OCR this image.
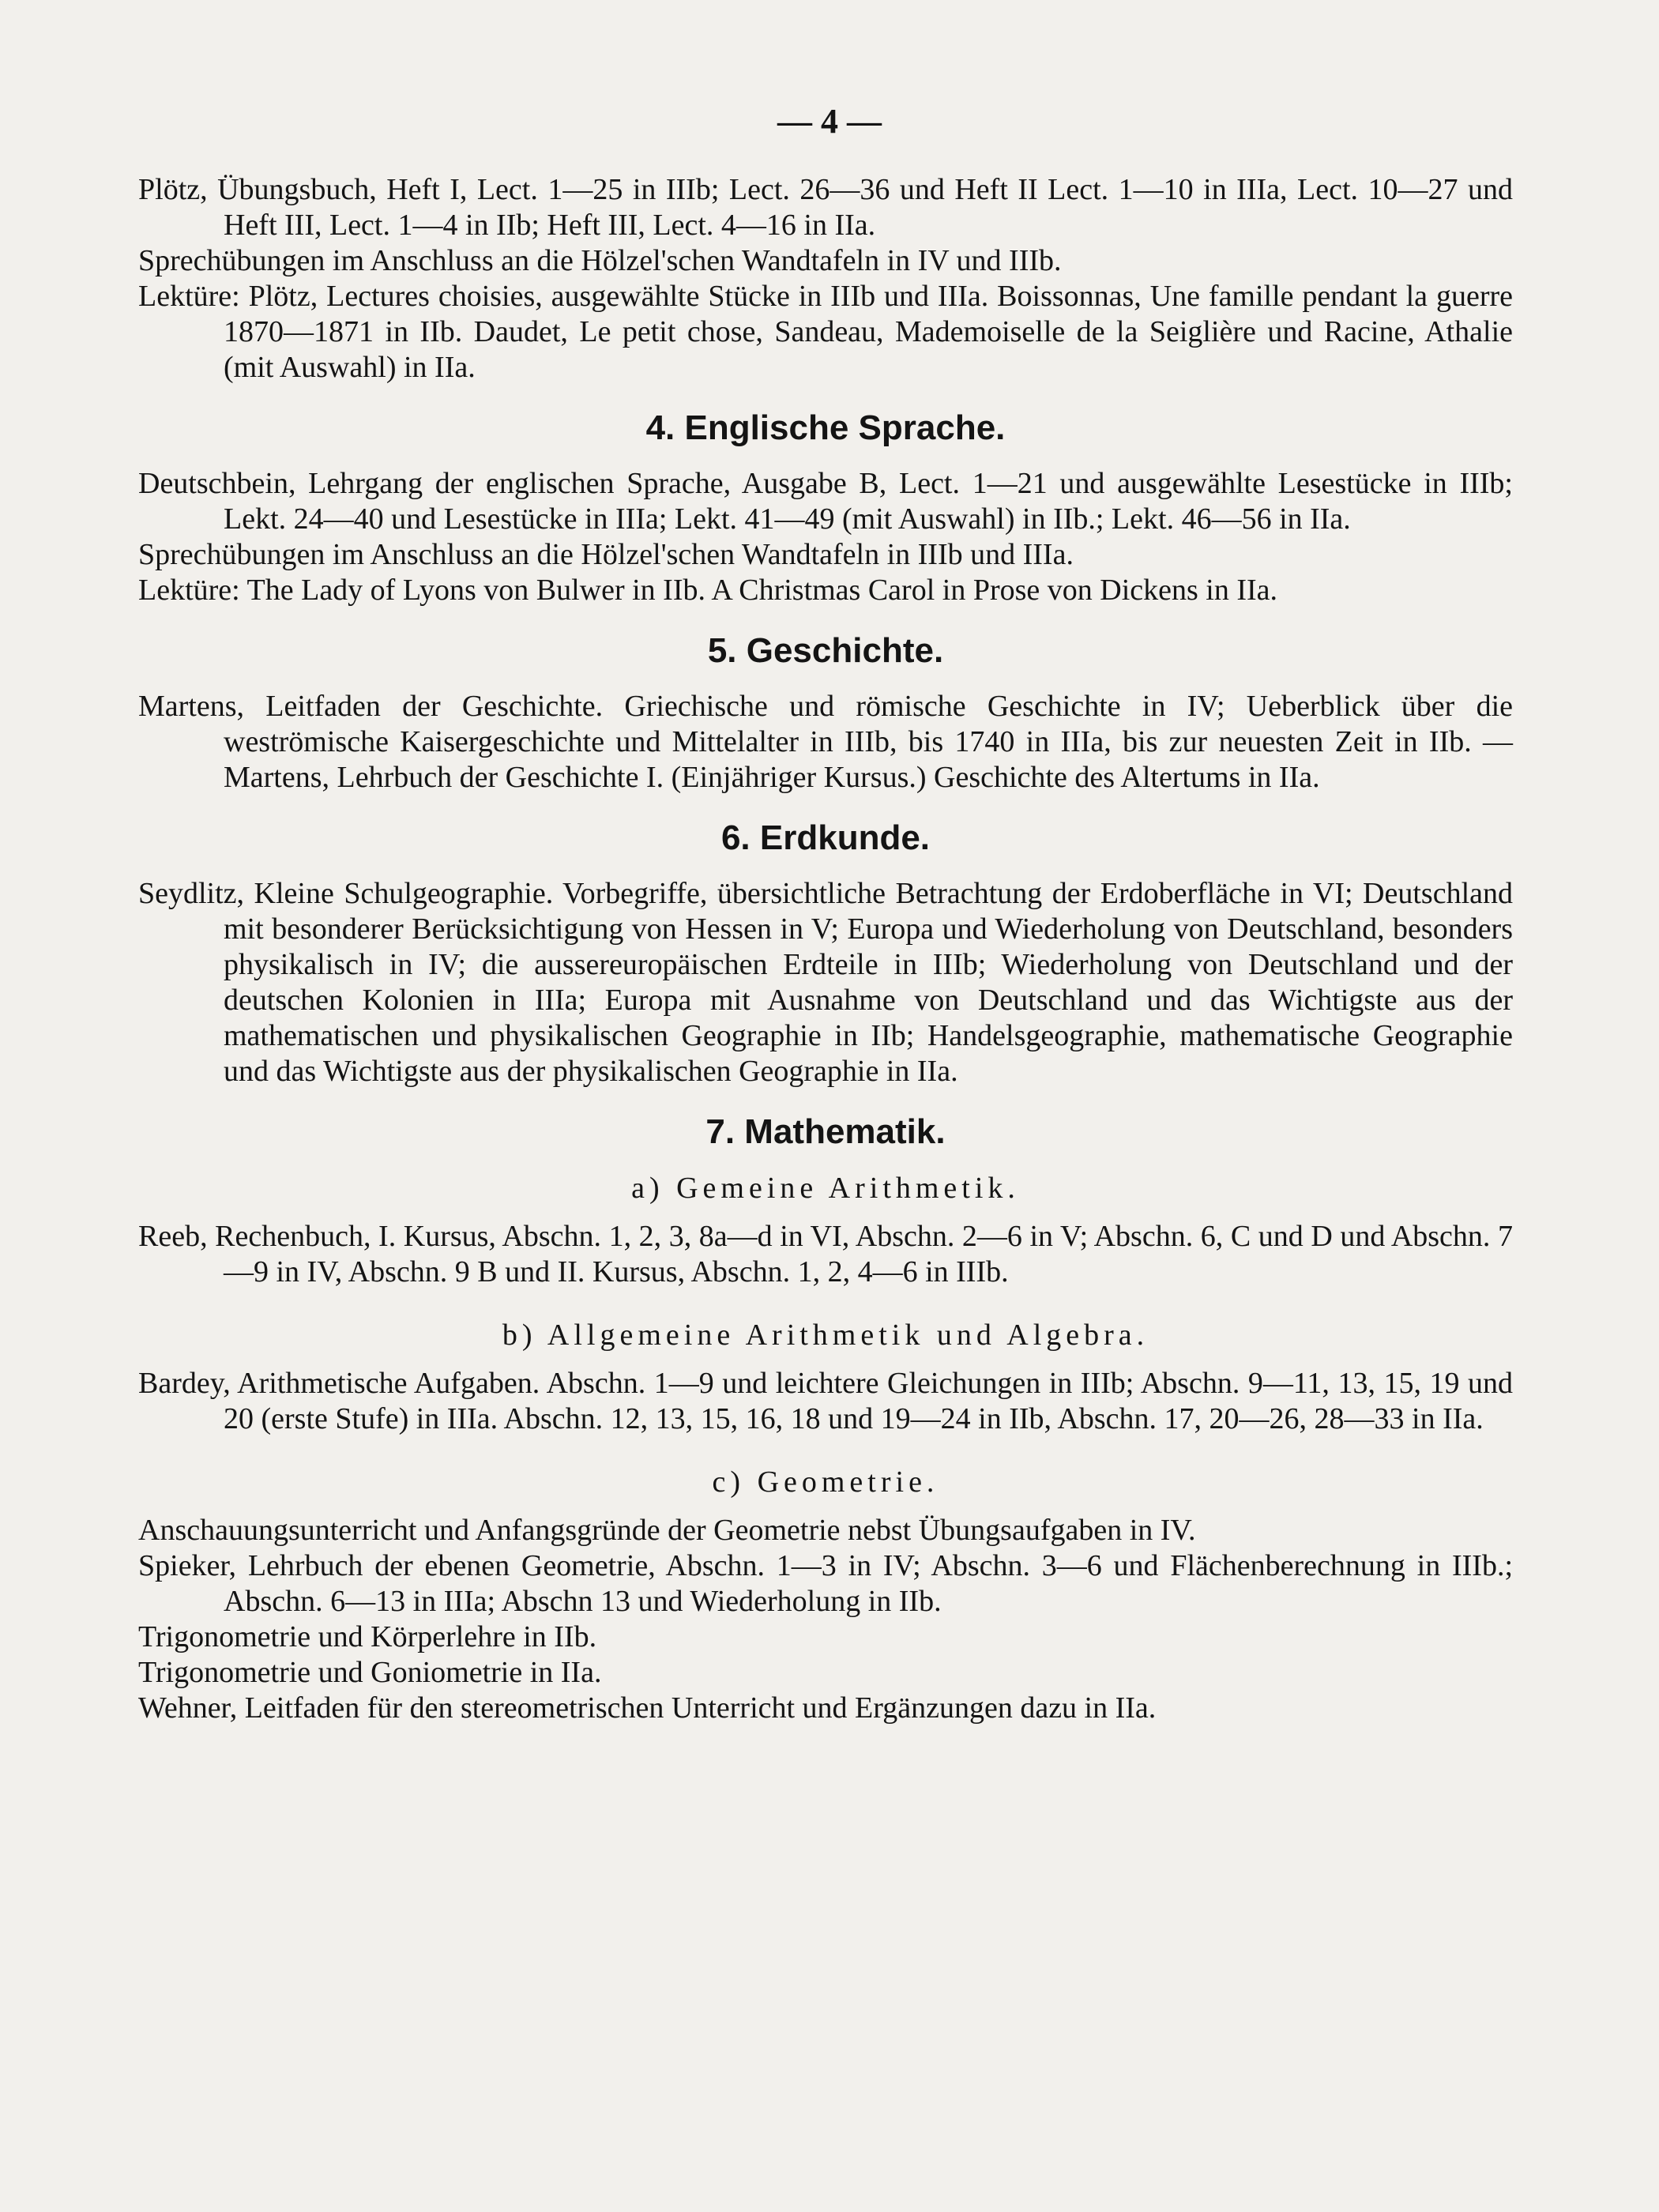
— 4 —

Plötz, Übungsbuch, Heft I, Lect. 1—25 in IIIb; Lect. 26—36 und Heft II Lect. 1—10 in IIIa, Lect. 10—27 und Heft III, Lect. 1—4 in IIb; Heft III, Lect. 4—16 in IIa.

Sprechübungen im Anschluss an die Hölzel'schen Wandtafeln in IV und IIIb.

Lektüre: Plötz, Lectures choisies, ausgewählte Stücke in IIIb und IIIa. Boissonnas, Une famille pendant la guerre 1870—1871 in IIb. Daudet, Le petit chose, Sandeau, Mademoiselle de la Seiglière und Racine, Athalie (mit Auswahl) in IIa.

4. Englische Sprache.

Deutschbein, Lehrgang der englischen Sprache, Ausgabe B, Lect. 1—21 und ausgewählte Lesestücke in IIIb; Lekt. 24—40 und Lesestücke in IIIa; Lekt. 41—49 (mit Auswahl) in IIb.; Lekt. 46—56 in IIa.

Sprechübungen im Anschluss an die Hölzel'schen Wandtafeln in IIIb und IIIa.

Lektüre: The Lady of Lyons von Bulwer in IIb. A Christmas Carol in Prose von Dickens in IIa.

5. Geschichte.

Martens, Leitfaden der Geschichte. Griechische und römische Geschichte in IV; Ueberblick über die weströmische Kaisergeschichte und Mittelalter in IIIb, bis 1740 in IIIa, bis zur neuesten Zeit in IIb. — Martens, Lehrbuch der Geschichte I. (Einjähriger Kursus.) Geschichte des Altertums in IIa.

6. Erdkunde.

Seydlitz, Kleine Schulgeographie. Vorbegriffe, übersichtliche Betrachtung der Erdoberfläche in VI; Deutschland mit besonderer Berücksichtigung von Hessen in V; Europa und Wiederholung von Deutschland, besonders physikalisch in IV; die aussereuropäischen Erdteile in IIIb; Wiederholung von Deutschland und der deutschen Kolonien in IIIa; Europa mit Ausnahme von Deutschland und das Wichtigste aus der mathematischen und physikalischen Geographie in IIb; Handelsgeographie, mathematische Geographie und das Wichtigste aus der physikalischen Geographie in IIa.

7. Mathematik.
a) Gemeine Arithmetik.

Reeb, Rechenbuch, I. Kursus, Abschn. 1, 2, 3, 8a—d in VI, Abschn. 2—6 in V; Abschn. 6, C und D und Abschn. 7—9 in IV, Abschn. 9 B und II. Kursus, Abschn. 1, 2, 4—6 in IIIb.

b) Allgemeine Arithmetik und Algebra.

Bardey, Arithmetische Aufgaben. Abschn. 1—9 und leichtere Gleichungen in IIIb; Abschn. 9—11, 13, 15, 19 und 20 (erste Stufe) in IIIa. Abschn. 12, 13, 15, 16, 18 und 19—24 in IIb, Abschn. 17, 20—26, 28—33 in IIa.

c) Geometrie.

Anschauungsunterricht und Anfangsgründe der Geometrie nebst Übungsaufgaben in IV.

Spieker, Lehrbuch der ebenen Geometrie, Abschn. 1—3 in IV; Abschn. 3—6 und Flächenberechnung in IIIb.; Abschn. 6—13 in IIIa; Abschn 13 und Wiederholung in IIb.

Trigonometrie und Körperlehre in IIb.

Trigonometrie und Goniometrie in IIa.

Wehner, Leitfaden für den stereometrischen Unterricht und Ergänzungen dazu in IIa.
